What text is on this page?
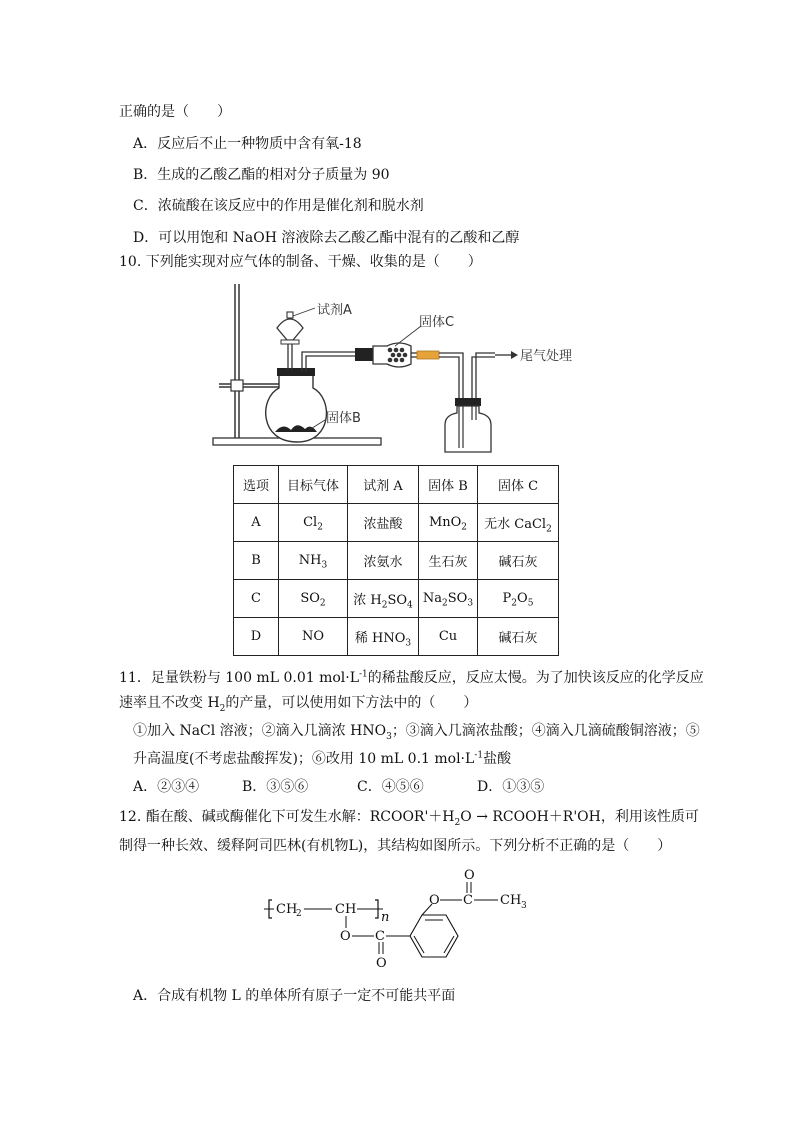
正确的是（　　）
A．反应后不止一种物质中含有氧-18
B．生成的乙酸乙酯的相对分子质量为 90
C．浓硫酸在该反应中的作用是催化剂和脱水剂
D．可以用饱和 NaOH 溶液除去乙酸乙酯中混有的乙酸和乙醇
10. 下列能实现对应气体的制备、干燥、收集的是（　　）
试剂A
固体C
尾气处理
固体B
选项	目标气体	试剂 A	固体 B	固体 C
A	$Cl_2$	浓盐酸	MnO$_2$	无水 CaCl$_2$
B	$NH_3$	浓氨水	生石灰	碱石灰
C	$SO_2$	浓 $H_2SO_4$	$Na_2SO_3$	$P_2O_5$
D	NO	稀 $HNO_3$	Cu	碱石灰
11．足量铁粉与 100 mL 0.01 $mol\cdot L^{-1}$的稀盐酸反应，反应太慢。为了加快该反应的化学反应
速率且不改变 $H_2$的产量，可以使用如下方法中的（　　）
①加入 NaCl 溶液；②滴入几滴浓 $HNO_3$；③滴入几滴浓盐酸；④滴入几滴硫酸铜溶液；⑤
升高温度(不考虑盐酸挥发)；⑥改用 10 mL 0.1 $mol\cdot L^{-1}$盐酸
A．②③④	B．③⑤⑥	C．④⑤⑥	D．①③⑤
12. 酯在酸、碱或酶催化下可发生水解：$RCOOR'+H_2O$ → RCOOH＋R'OH，利用该性质可
制得一种长效、缓释阿司匹林(有机物L)，其结构如图所示。下列分析不正确的是（　　）
CH
2	CH
n
O C
O
O C
O
CH 3
A．合成有机物 L 的单体所有原子一定不可能共平面
